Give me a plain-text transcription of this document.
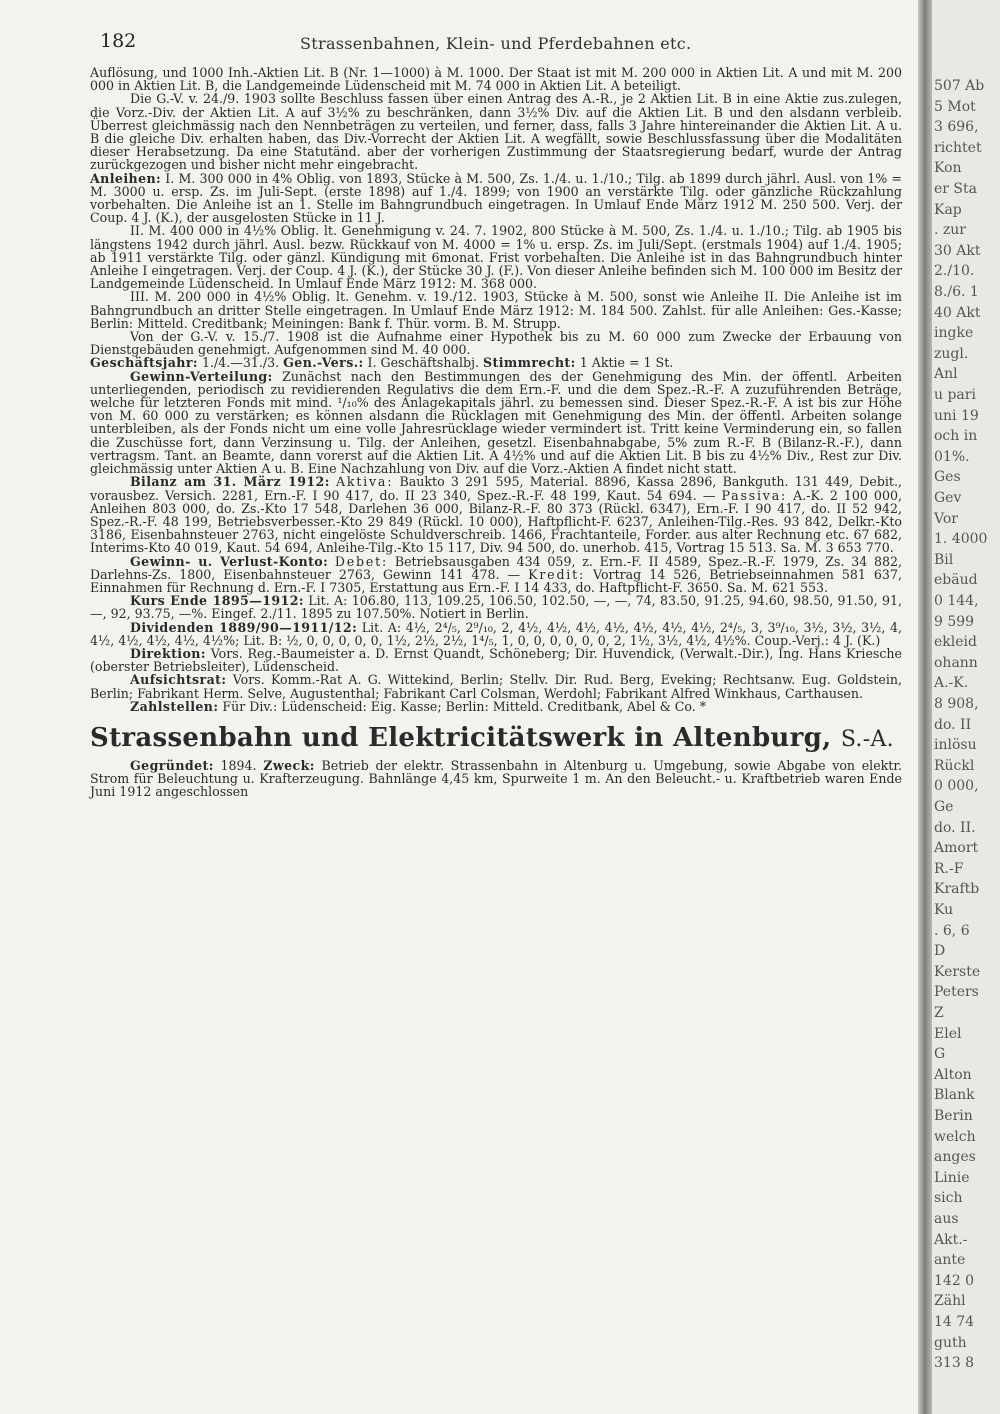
182	Strassenbahnen, Klein- und Pferdebahnen etc.

Auflösung, und 1000 Inh.-Aktien Lit. B (Nr. 1—1000) à M. 1000. Der Staat ist mit M. 200 000 in Aktien Lit. A und mit M. 200 000 in Aktien Lit. B, die Landgemeinde Lüdenscheid mit M. 74 000 in Aktien Lit. A beteiligt.

Die G.-V. v. 24./9. 1903 sollte Beschluss fassen über einen Antrag des A.-R., je 2 Aktien Lit. B in eine Aktie zus.zulegen, die Vorz.-Div. der Aktien Lit. A auf 3½% zu beschränken, dann 3½% Div. auf die Aktien Lit. B und den alsdann verbleib. Überrest gleichmässig nach den Nennbeträgen zu verteilen, und ferner, dass, falls 3 Jahre hintereinander die Aktien Lit. A u. B die gleiche Div. erhalten haben, das Div.-Vorrecht der Aktien Lit. A wegfällt, sowie Beschlussfassung über die Modalitäten dieser Herabsetzung. Da eine Statutänd. aber der vorherigen Zustimmung der Staatsregierung bedarf, wurde der Antrag zurückgezogen und bisher nicht mehr eingebracht.

Anleihen: I. M. 300 000 in 4% Oblig. von 1893, Stücke à M. 500, Zs. 1./4. u. 1./10.; Tilg. ab 1899 durch jährl. Ausl. von 1% = M. 3000 u. ersp. Zs. im Juli-Sept. (erste 1898) auf 1./4. 1899; von 1900 an verstärkte Tilg. oder gänzliche Rückzahlung vorbehalten. Die Anleihe ist an 1. Stelle im Bahngrundbuch eingetragen. In Umlauf Ende März 1912 M. 250 500. Verj. der Coup. 4 J. (K.), der ausgelosten Stücke in 11 J.

II. M. 400 000 in 4½% Oblig. lt. Genehmigung v. 24. 7. 1902, 800 Stücke à M. 500, Zs. 1./4. u. 1./10.; Tilg. ab 1905 bis längstens 1942 durch jährl. Ausl. bezw. Rückkauf von M. 4000 = 1% u. ersp. Zs. im Juli/Sept. (erstmals 1904) auf 1./4. 1905; ab 1911 verstärkte Tilg. oder gänzl. Kündigung mit 6monat. Frist vorbehalten. Die Anleihe ist in das Bahngrundbuch hinter Anleihe I eingetragen. Verj. der Coup. 4 J. (K.), der Stücke 30 J. (F.). Von dieser Anleihe befinden sich M. 100 000 im Besitz der Landgemeinde Lüdenscheid. In Umlauf Ende März 1912: M. 368 000.

III. M. 200 000 in 4½% Oblig. lt. Genehm. v. 19./12. 1903, Stücke à M. 500, sonst wie Anleihe II. Die Anleihe ist im Bahngrundbuch an dritter Stelle eingetragen. In Umlauf Ende März 1912: M. 184 500. Zahlst. für alle Anleihen: Ges.-Kasse; Berlin: Mitteld. Creditbank; Meiningen: Bank f. Thür. vorm. B. M. Strupp.

Von der G.-V. v. 15./7. 1908 ist die Aufnahme einer Hypothek bis zu M. 60 000 zum Zwecke der Erbauung von Dienstgebäuden genehmigt. Aufgenommen sind M. 40 000.

Geschäftsjahr: 1./4.—31./3. Gen.-Vers.: I. Geschäftshalbj. Stimmrecht: 1 Aktie = 1 St.

Gewinn-Verteilung: Zunächst nach den Bestimmungen des der Genehmigung des Min. der öffentl. Arbeiten unterliegenden, periodisch zu revidierenden Regulativs die dem Ern.-F. und die dem Spez.-R.-F. A zuzuführenden Beträge, welche für letzteren Fonds mit mind. ¹/₁₀% des Anlagekapitals jährl. zu bemessen sind. Dieser Spez.-R.-F. A ist bis zur Höhe von M. 60 000 zu verstärken; es können alsdann die Rücklagen mit Genehmigung des Min. der öffentl. Arbeiten solange unterbleiben, als der Fonds nicht um eine volle Jahresrücklage wieder vermindert ist. Tritt keine Verminderung ein, so fallen die Zuschüsse fort, dann Verzinsung u. Tilg. der Anleihen, gesetzl. Eisenbahnabgabe, 5% zum R.-F. B (Bilanz-R.-F.), dann vertragsm. Tant. an Beamte, dann vorerst auf die Aktien Lit. A 4½% und auf die Aktien Lit. B bis zu 4½% Div., Rest zur Div. gleichmässig unter Aktien A u. B. Eine Nachzahlung von Div. auf die Vorz.-Aktien A findet nicht statt.

Bilanz am 31. März 1912: Aktiva: Baukto 3 291 595, Material. 8896, Kassa 2896, Bankguth. 131 449, Debit., vorausbez. Versich. 2281, Ern.-F. I 90 417, do. II 23 340, Spez.-R.-F. 48 199, Kaut. 54 694. — Passiva: A.-K. 2 100 000, Anleihen 803 000, do. Zs.-Kto 17 548, Darlehen 36 000, Bilanz-R.-F. 80 373 (Rückl. 6347), Ern.-F. I 90 417, do. II 52 942, Spez.-R.-F. 48 199, Betriebsverbesser.-Kto 29 849 (Rückl. 10 000), Haftpflicht-F. 6237, Anleihen-Tilg.-Res. 93 842, Delkr.-Kto 3186, Eisenbahnsteuer 2763, nicht eingelöste Schuldverschreib. 1466, Frachtanteile, Forder. aus alter Rechnung etc. 67 682, Interims-Kto 40 019, Kaut. 54 694, Anleihe-Tilg.-Kto 15 117, Div. 94 500, do. unerhob. 415, Vortrag 15 513. Sa. M. 3 653 770.

Gewinn- u. Verlust-Konto: Debet: Betriebsausgaben 434 059, z. Ern.-F. II 4589, Spez.-R.-F. 1979, Zs. 34 882, Darlehns-Zs. 1800, Eisenbahnsteuer 2763, Gewinn 141 478. — Kredit: Vortrag 14 526, Betriebseinnahmen 581 637, Einnahmen für Rechnung d. Ern.-F. I 7305, Erstattung aus Ern.-F. I 14 433, do. Haftpflicht-F. 3650. Sa. M. 621 553.

Kurs Ende 1895—1912: Lit. A: 106.80, 113, 109.25, 106.50, 102.50, —, —, 74, 83.50, 91.25, 94.60, 98.50, 91.50, 91, —, 92, 93.75, —%. Eingef. 2./11. 1895 zu 107.50%. Notiert in Berlin.

Dividenden 1889/90—1911/12: Lit. A: 4½, 2⁴/₅, 2⁹/₁₀, 2, 4½, 4½, 4½, 4½, 4½, 4½, 4½, 2⁴/₅, 3, 3⁹/₁₀, 3½, 3½, 3½, 4, 4½, 4½, 4½, 4½, 4½%; Lit. B: ½, 0, 0, 0, 0, 0, 1½, 2½, 2½, 1⁴/₅, 1, 0, 0, 0, 0, 0, 0, 2, 1½, 3½, 4½, 4½%. Coup.-Verj.: 4 J. (K.)

Direktion: Vors. Reg.-Baumeister a. D. Ernst Quandt, Schöneberg; Dir. Huvendick, (Verwalt.-Dir.), Ing. Hans Kriesche (oberster Betriebsleiter), Lüdenscheid.

Aufsichtsrat: Vors. Komm.-Rat A. G. Wittekind, Berlin; Stellv. Dir. Rud. Berg, Eveking; Rechtsanw. Eug. Goldstein, Berlin; Fabrikant Herm. Selve, Augustenthal; Fabrikant Carl Colsman, Werdohl; Fabrikant Alfred Winkhaus, Carthausen.

Zahlstellen: Für Div.: Lüdenscheid: Eig. Kasse; Berlin: Mitteld. Creditbank, Abel & Co. *

Strassenbahn und Elektricitätswerk in Altenburg, S.-A.

Gegründet: 1894. Zweck: Betrieb der elektr. Strassenbahn in Altenburg u. Umgebung, sowie Abgabe von elektr. Strom für Beleuchtung u. Krafterzeugung. Bahnlänge 4,45 km, Spurweite 1 m. An den Beleucht.- u. Kraftbetrieb waren Ende Juni 1912 angeschlossen

507 Ab
5 Mot
3 696,
richtet
Kon
er Sta
Kap
. zur
30 Akt
2./10.
8./6. 1
40 Akt
ingke
zugl.
Anl
u pari
uni 19
och in
01%.
Ges
Gev
Vor
1. 4000
Bil
ebäud
0 144,
9 599
ekleid
ohann
A.-K.
8 908,
do. II
inlösu
Rückl
0 000,
Ge
do. II.
Amort
R.-F
Kraftb
Ku
. 6, 6
D
Kerste
Peters
Z
Elel
G
Alton
Blank
Berin
welch
anges
Linie
sich
aus
Akt.-
ante
142 0
Zähl
14 74
guth
313 8
